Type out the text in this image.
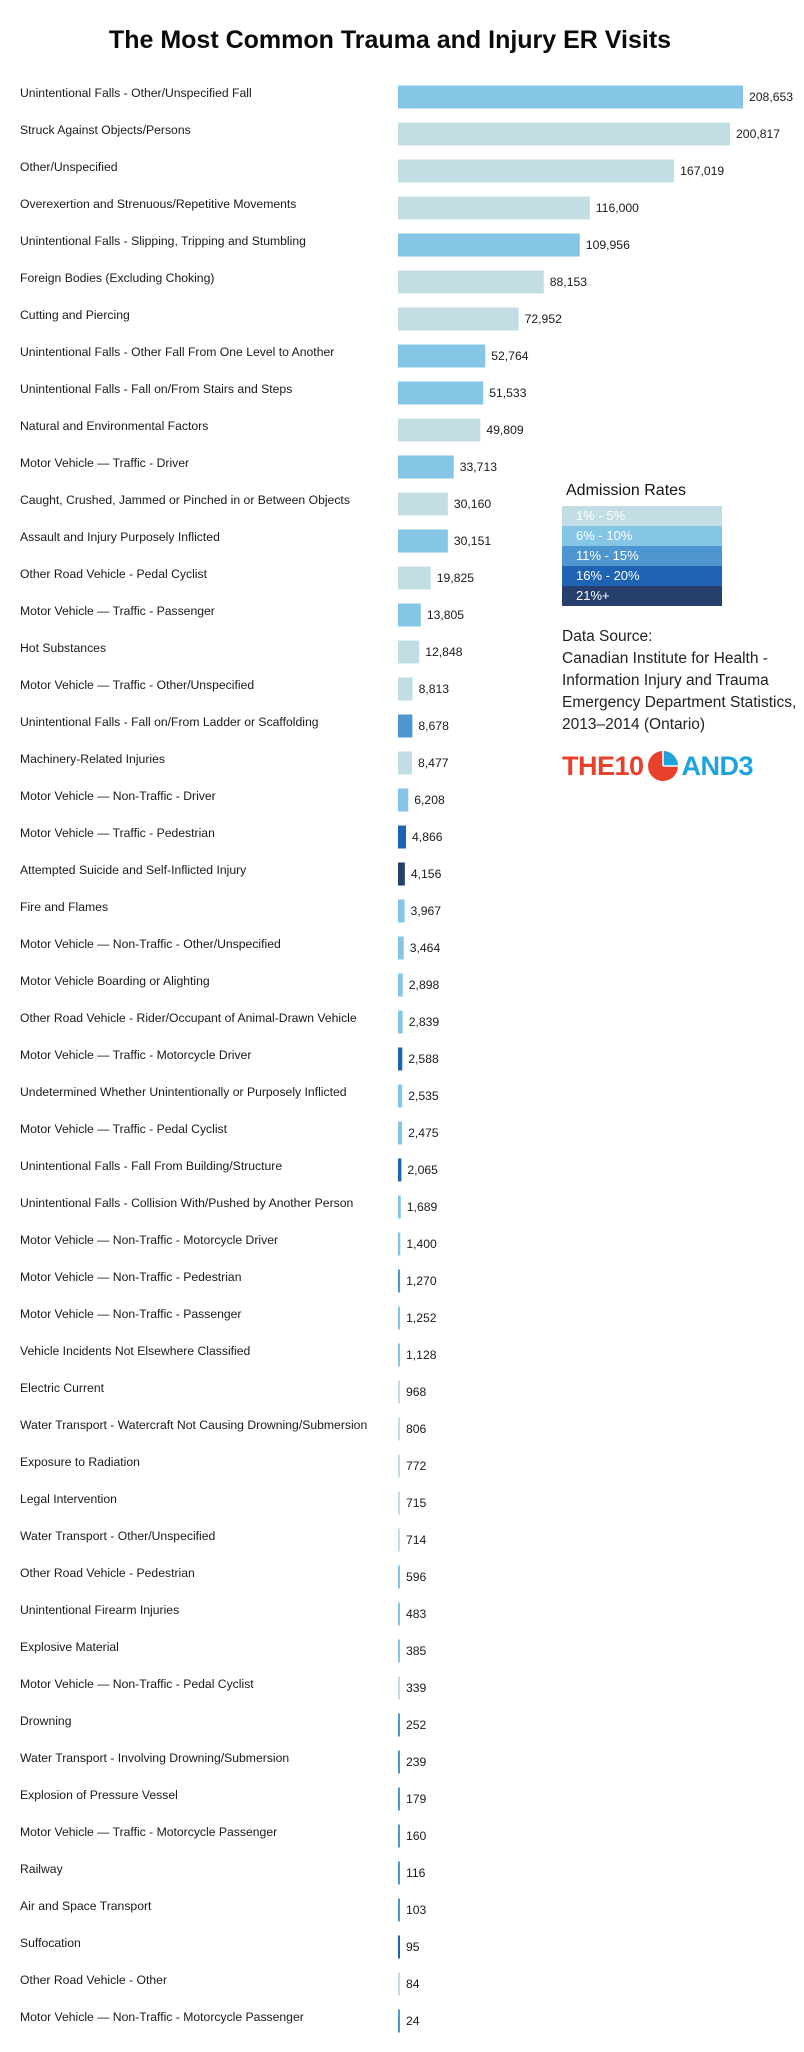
The Most Common Trauma and Injury ER Visits
Unintentional Falls - Other/Unspecified Fall	208,653
Struck Against Objects/Persons	200,817
Other/Unspecified	167,019
Overexertion and Strenuous/Repetitive Movements	116,000
Unintentional Falls - Slipping, Tripping and Stumbling	109,956
Foreign Bodies (Excluding Choking)	88,153
Cutting and Piercing	72,952
Unintentional Falls - Other Fall From One Level to Another	52,764
Unintentional Falls - Fall on/From Stairs and Steps	51,533
Natural and Environmental Factors	49,809
Motor Vehicle — Traffic - Driver	33,713
Caught, Crushed, Jammed or Pinched in or Between Objects	30,160
Assault and Injury Purposely Inflicted	30,151
Other Road Vehicle - Pedal Cyclist	19,825
Motor Vehicle — Traffic - Passenger	13,805
Hot Substances	12,848
Motor Vehicle — Traffic - Other/Unspecified	8,813
Unintentional Falls - Fall on/From Ladder or Scaffolding	8,678
Machinery-Related Injuries	8,477
Motor Vehicle — Non-Traffic - Driver	6,208
Motor Vehicle — Traffic - Pedestrian	4,866
Attempted Suicide and Self-Inflicted Injury	4,156
Fire and Flames	3,967
Motor Vehicle — Non-Traffic - Other/Unspecified	3,464
Motor Vehicle Boarding or Alighting	2,898
Other Road Vehicle - Rider/Occupant of Animal-Drawn Vehicle	2,839
Motor Vehicle — Traffic - Motorcycle Driver	2,588
Undetermined Whether Unintentionally or Purposely Inflicted	2,535
Motor Vehicle — Traffic - Pedal Cyclist	2,475
Unintentional Falls - Fall From Building/Structure	2,065
Unintentional Falls - Collision With/Pushed by Another Person	1,689
Motor Vehicle — Non-Traffic - Motorcycle Driver	1,400
Motor Vehicle — Non-Traffic - Pedestrian	1,270
Motor Vehicle — Non-Traffic - Passenger	1,252
Vehicle Incidents Not Elsewhere Classified	1,128
Electric Current	968
Water Transport - Watercraft Not Causing Drowning/Submersion	806
Exposure to Radiation	772
Legal Intervention	715
Water Transport - Other/Unspecified	714
Other Road Vehicle - Pedestrian	596
Unintentional Firearm Injuries	483
Explosive Material	385
Motor Vehicle — Non-Traffic - Pedal Cyclist	339
Drowning	252
Water Transport - Involving Drowning/Submersion	239
Explosion of Pressure Vessel	179
Motor Vehicle — Traffic - Motorcycle Passenger	160
Railway	116
Air and Space Transport	103
Suffocation	95
Other Road Vehicle - Other	84
Motor Vehicle — Non-Traffic - Motorcycle Passenger	24
Admission Rates
1% - 5%
6% - 10%
11% - 15%
16% - 20%
21%+

Data Source:

Canadian Institute for Health - Information Injury and Trauma Emergency Department Statistics, 2013–2014 (Ontario)

THE10 AND3
